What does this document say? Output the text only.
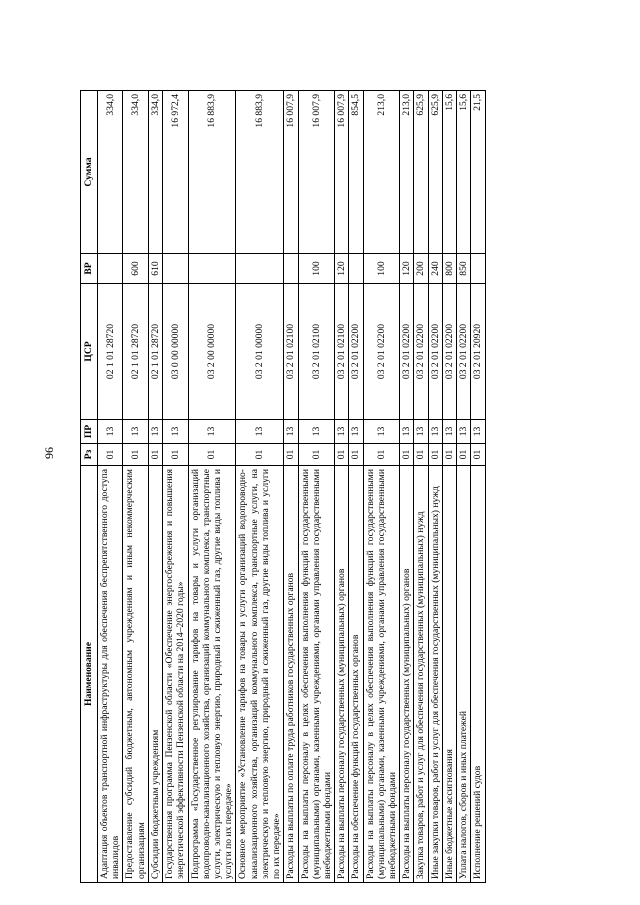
96
Наименование	Рз	ПР	ЦСР	ВР	Сумма
Адаптация объектов транспортной инфраструктуры для обеспечения беспрепятственного доступа инвалидов	01	13	02 1 01 28720		334,0
Предоставление субсидий бюджетным, автономным учреждениям и иным некоммерческим организациям	01	13	02 1 01 28720	600	334,0
Субсидии бюджетным учреждениям	01	13	02 1 01 28720	610	334,0
Государственная программа Пензенской области «Обеспечение энергосбережения и повышения энергетической эффективности Пензенской области на 2014–2020 годы»	01	13	03 0 00 00000		16 972,4
Подпрограмма «Государственное регулирование тарифов на товары и услуги организаций водопроводно-канализационного хозяйства, организаций коммунального комплекса, транспортные услуги, электрическую и тепловую энергию, природный и сжиженный газ, другие виды топлива и услуги по их передаче»	01	13	03 2 00 00000		16 883,9
Основное мероприятие «Установление тарифов на товары и услуги организаций водопроводно-канализационного хозяйства, организаций коммунального комплекса, транспортные услуги, на электрическую и тепловую энергию, природный и сжиженный газ, другие виды топлива и услуги по их передаче»	01	13	03 2 01 00000		16 883,9
Расходы на выплаты по оплате труда работников государственных органов	01	13	03 2 01 02100		16 007,9
Расходы на выплаты персоналу в целях обеспечения выполнения функций государственными (муниципальными) органами, казенными учреждениями, органами управления государственными внебюджетными фондами	01	13	03 2 01 02100	100	16 007,9
Расходы на выплаты персоналу государственных (муниципальных) органов	01	13	03 2 01 02100	120	16 007,9
Расходы на обеспечение функций государственных органов	01	13	03 2 01 02200		854,5
Расходы на выплаты персоналу в целях обеспечения выполнения функций государственными (муниципальными) органами, казенными учреждениями, органами управления государственными внебюджетными фондами	01	13	03 2 01 02200	100	213,0
Расходы на выплаты персоналу государственных (муниципальных) органов	01	13	03 2 01 02200	120	213,0
Закупка товаров, работ и услуг для обеспечения государственных (муниципальных) нужд	01	13	03 2 01 02200	200	625,9
Иные закупки товаров, работ и услуг для обеспечения государственных (муниципальных) нужд	01	13	03 2 01 02200	240	625,9
Иные бюджетные ассигнования	01	13	03 2 01 02200	800	15,6
Уплата налогов, сборов и иных платежей	01	13	03 2 01 02200	850	15,6
Исполнение решений судов	01	13	03 2 01 20920		21,5
